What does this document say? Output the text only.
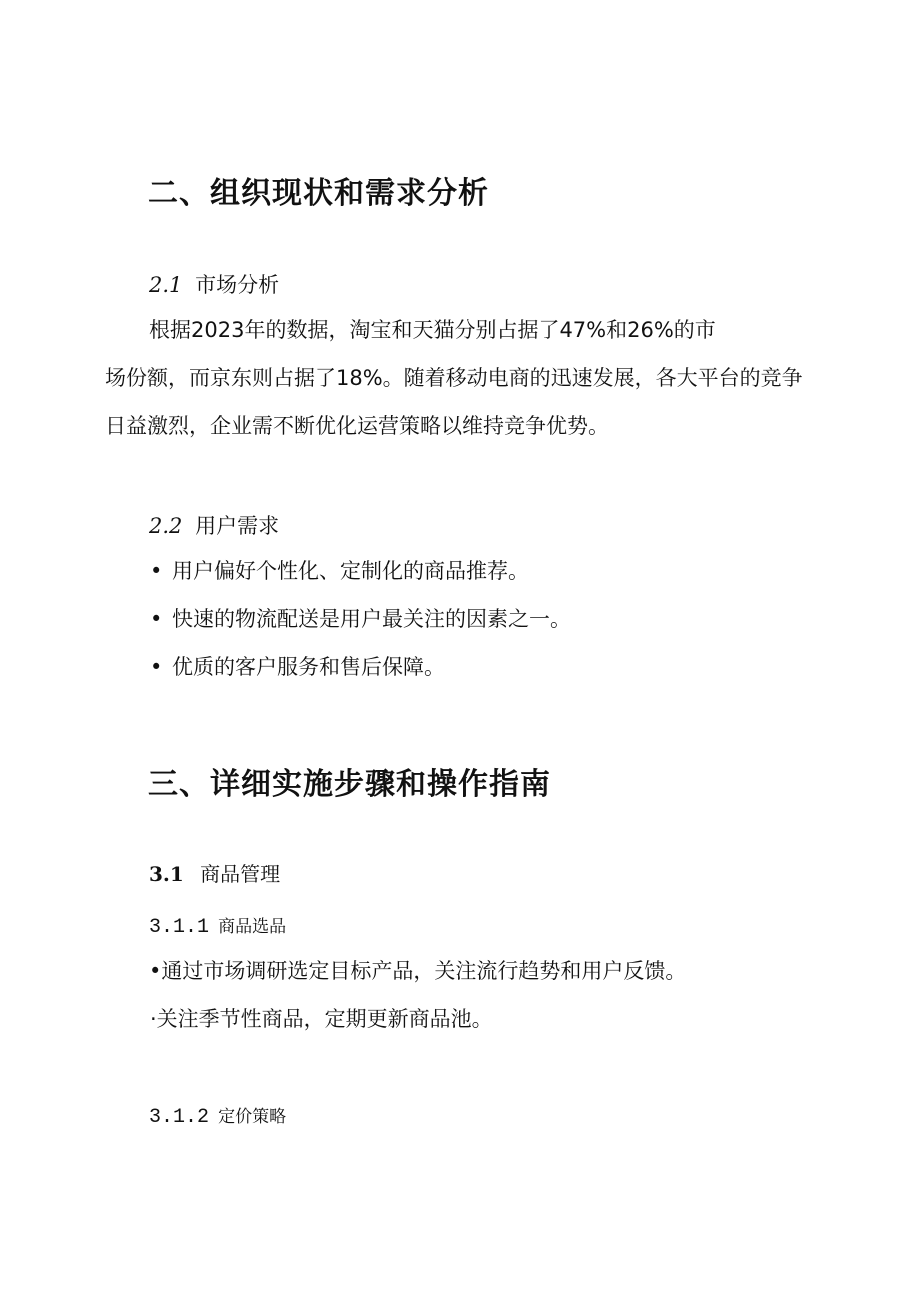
二、组织现状和需求分析
2.1 市场分析
根据2023年的数据，淘宝和天猫分别占据了47%和26%的市
场份额，而京东则占据了18%。随着移动电商的迅速发展，各大平台的竞争
日益激烈，企业需不断优化运营策略以维持竞争优势。
2.2 用户需求
• 用户偏好个性化、定制化的商品推荐。
• 快速的物流配送是用户最关注的因素之一。
• 优质的客户服务和售后保障。
三、详细实施步骤和操作指南
3.1 商品管理
3.1.1 商品选品
•通过市场调研选定目标产品，关注流行趋势和用户反馈。
·关注季节性商品，定期更新商品池。
3.1.2 定价策略
